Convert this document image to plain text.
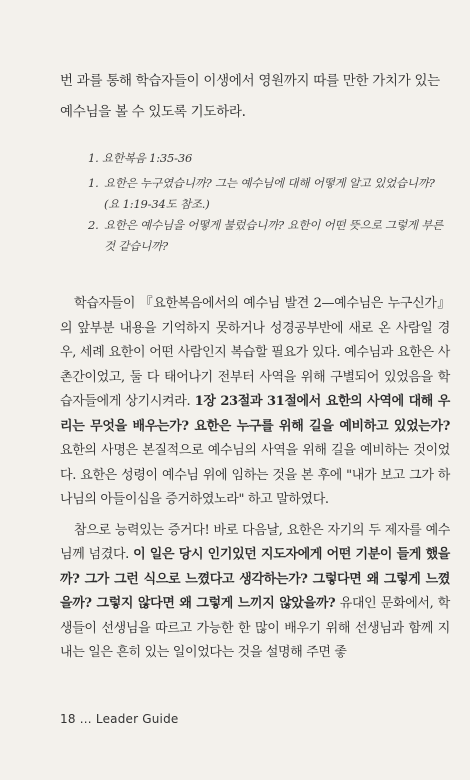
번 과를 통해 학습자들이 이생에서 영원까지 따를 만한 가치가 있는 예수님을 볼 수 있도록 기도하라.
1. 요한복음 1:35-36
1. 요한은 누구였습니까? 그는 예수님에 대해 어떻게 알고 있었습니까? (요 1:19-34도 참조.)
2. 요한은 예수님을 어떻게 불렀습니까? 요한이 어떤 뜻으로 그렇게 부른 것 같습니까?

학습자들이 『요한복음에서의 예수님 발견 2—예수님은 누구신가』의 앞부분 내용을 기억하지 못하거나 성경공부반에 새로 온 사람일 경우, 세례 요한이 어떤 사람인지 복습할 필요가 있다. 예수님과 요한은 사촌간이었고, 둘 다 태어나기 전부터 사역을 위해 구별되어 있었음을 학습자들에게 상기시켜라. 1장 23절과 31절에서 요한의 사역에 대해 우리는 무엇을 배우는가? 요한은 누구를 위해 길을 예비하고 있었는가? 요한의 사명은 본질적으로 예수님의 사역을 위해 길을 예비하는 것이었다. 요한은 성령이 예수님 위에 임하는 것을 본 후에 "내가 보고 그가 하나님의 아들이심을 증거하였노라" 하고 말하였다.

참으로 능력있는 증거다! 바로 다음날, 요한은 자기의 두 제자를 예수님께 넘겼다. 이 일은 당시 인기있던 지도자에게 어떤 기분이 들게 했을까? 그가 그런 식으로 느꼈다고 생각하는가? 그렇다면 왜 그렇게 느꼈을까? 그렇지 않다면 왜 그렇게 느끼지 않았을까? 유대인 문화에서, 학생들이 선생님을 따르고 가능한 한 많이 배우기 위해 선생님과 함께 지내는 일은 흔히 있는 일이었다는 것을 설명해 주면 좋

18 … Leader Guide
